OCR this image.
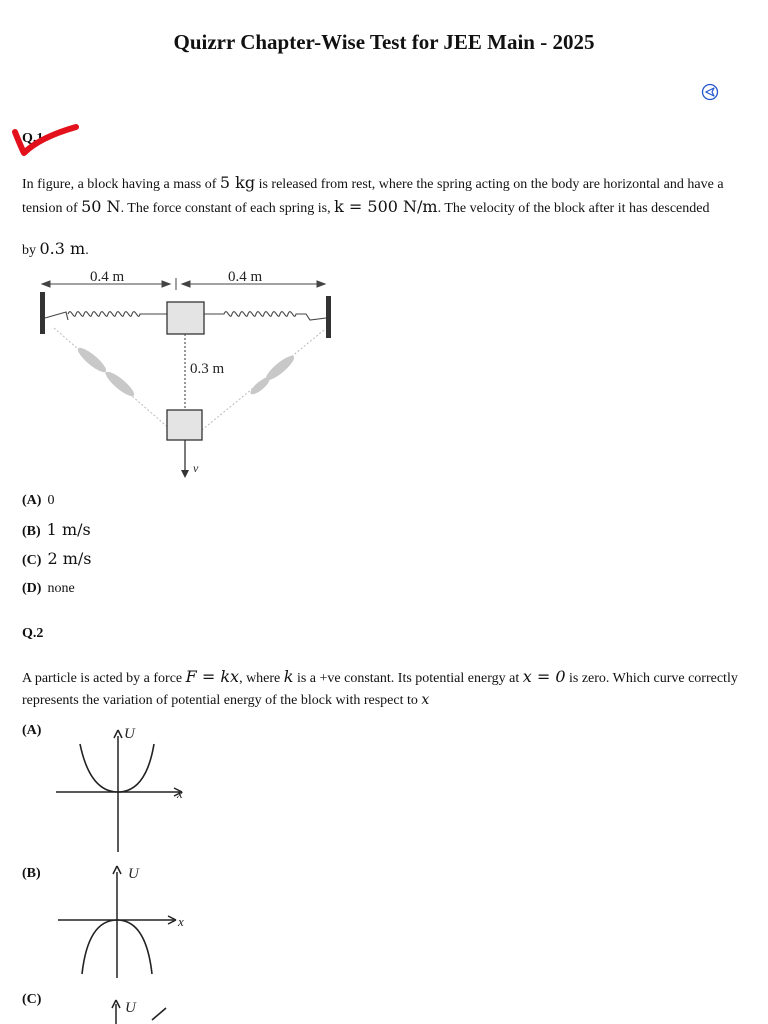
Quizrr Chapter-Wise Test for JEE Main - 2025
Q.1
In figure, a block having a mass of 5 kg is released from rest, where the spring acting on the body are horizontal and have a tension of 50 N. The force constant of each spring is, k = 500 N/m. The velocity of the block after it has descended
by 0.3 m.
0.4 m	0.4 m
0.3 m
v
(A) 0
(B) 1 m/s
(C) 2 m/s
(D) none
Q.2
A particle is acted by a force F = kx, where k is a +ve constant. Its potential energy at x = 0 is zero. Which curve correctly represents the variation of potential energy of the block with respect to x
(A)	U
x
(B)	U
x
(C)
U
